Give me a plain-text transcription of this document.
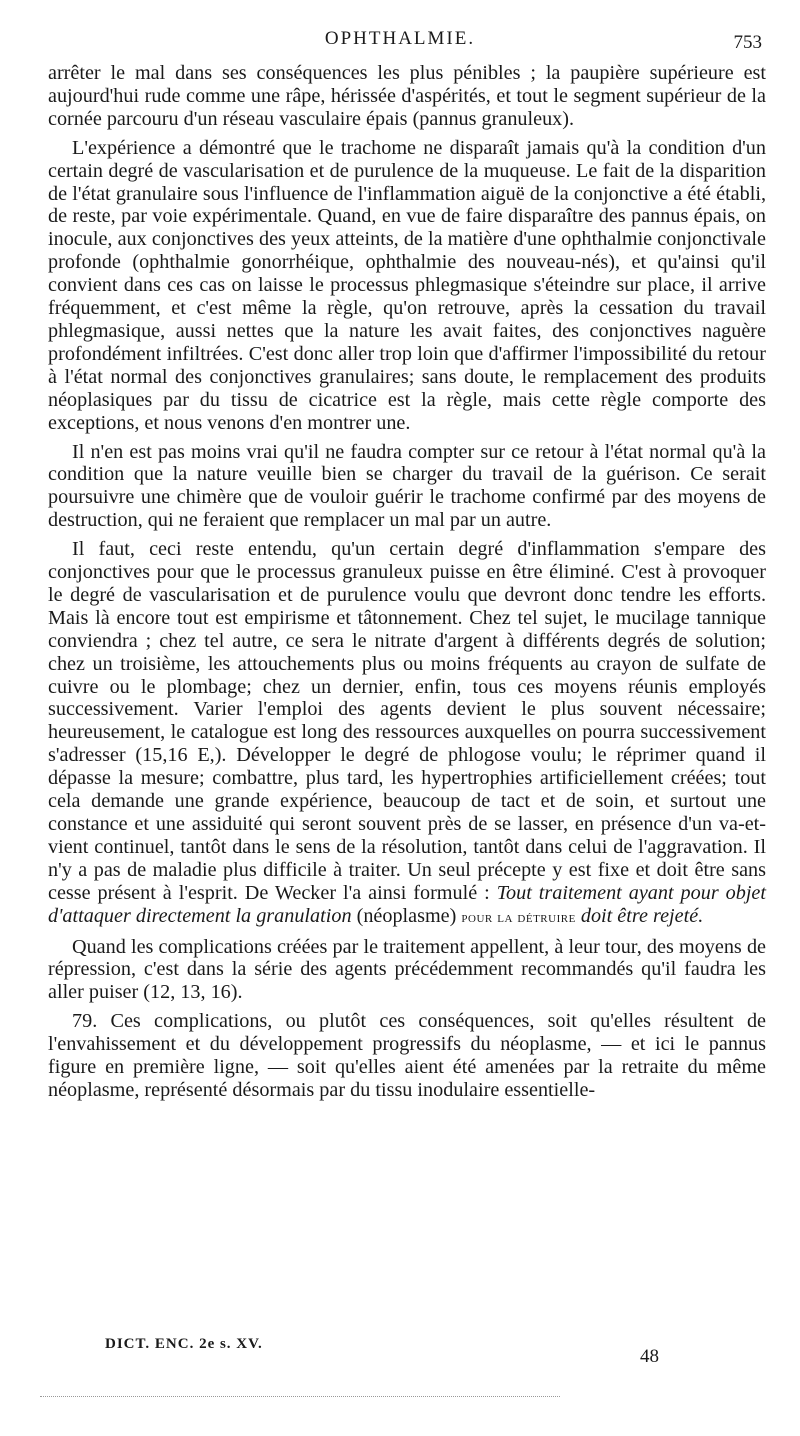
OPHTHALMIE.	753

arrêter le mal dans ses conséquences les plus pénibles ; la paupière supérieure est aujourd'hui rude comme une râpe, hérissée d'aspérités, et tout le segment supérieur de la cornée parcouru d'un réseau vasculaire épais (pannus granuleux).

L'expérience a démontré que le trachome ne disparaît jamais qu'à la condition d'un certain degré de vascularisation et de purulence de la muqueuse. Le fait de la disparition de l'état granulaire sous l'influence de l'inflammation aiguë de la conjonctive a été établi, de reste, par voie expérimentale. Quand, en vue de faire disparaître des pannus épais, on inocule, aux conjonctives des yeux atteints, de la matière d'une ophthalmie conjonctivale profonde (ophthalmie gonorrhéique, ophthalmie des nouveau-nés), et qu'ainsi qu'il convient dans ces cas on laisse le processus phlegmasique s'éteindre sur place, il arrive fréquemment, et c'est même la règle, qu'on retrouve, après la cessation du travail phlegmasique, aussi nettes que la nature les avait faites, des conjonctives naguère profondément infiltrées. C'est donc aller trop loin que d'affirmer l'impossibilité du retour à l'état normal des conjonctives granulaires; sans doute, le remplacement des produits néoplasiques par du tissu de cicatrice est la règle, mais cette règle comporte des exceptions, et nous venons d'en montrer une.

Il n'en est pas moins vrai qu'il ne faudra compter sur ce retour à l'état normal qu'à la condition que la nature veuille bien se charger du travail de la guérison. Ce serait poursuivre une chimère que de vouloir guérir le trachome confirmé par des moyens de destruction, qui ne feraient que remplacer un mal par un autre.

Il faut, ceci reste entendu, qu'un certain degré d'inflammation s'empare des conjonctives pour que le processus granuleux puisse en être éliminé. C'est à provoquer le degré de vascularisation et de purulence voulu que devront donc tendre les efforts. Mais là encore tout est empirisme et tâtonnement. Chez tel sujet, le mucilage tannique conviendra ; chez tel autre, ce sera le nitrate d'argent à différents degrés de solution; chez un troisième, les attouchements plus ou moins fréquents au crayon de sulfate de cuivre ou le plombage; chez un dernier, enfin, tous ces moyens réunis employés successivement. Varier l'emploi des agents devient le plus souvent nécessaire; heureusement, le catalogue est long des ressources auxquelles on pourra successivement s'adresser (15,16 E,). Développer le degré de phlogose voulu; le réprimer quand il dépasse la mesure; combattre, plus tard, les hypertrophies artificiellement créées; tout cela demande une grande expérience, beaucoup de tact et de soin, et surtout une constance et une assiduité qui seront souvent près de se lasser, en présence d'un va-et-vient continuel, tantôt dans le sens de la résolution, tantôt dans celui de l'aggravation. Il n'y a pas de maladie plus difficile à traiter. Un seul précepte y est fixe et doit être sans cesse présent à l'esprit. De Wecker l'a ainsi formulé : Tout traitement ayant pour objet d'attaquer directement la granulation (néoplasme) pour la détruire doit être rejeté.

Quand les complications créées par le traitement appellent, à leur tour, des moyens de répression, c'est dans la série des agents précédemment recommandés qu'il faudra les aller puiser (12, 13, 16).

79. Ces complications, ou plutôt ces conséquences, soit qu'elles résultent de l'envahissement et du développement progressifs du néoplasme, — et ici le pannus figure en première ligne, — soit qu'elles aient été amenées par la retraite du même néoplasme, représenté désormais par du tissu inodulaire essentielle-

DICT. ENC. 2e s. XV.
48
